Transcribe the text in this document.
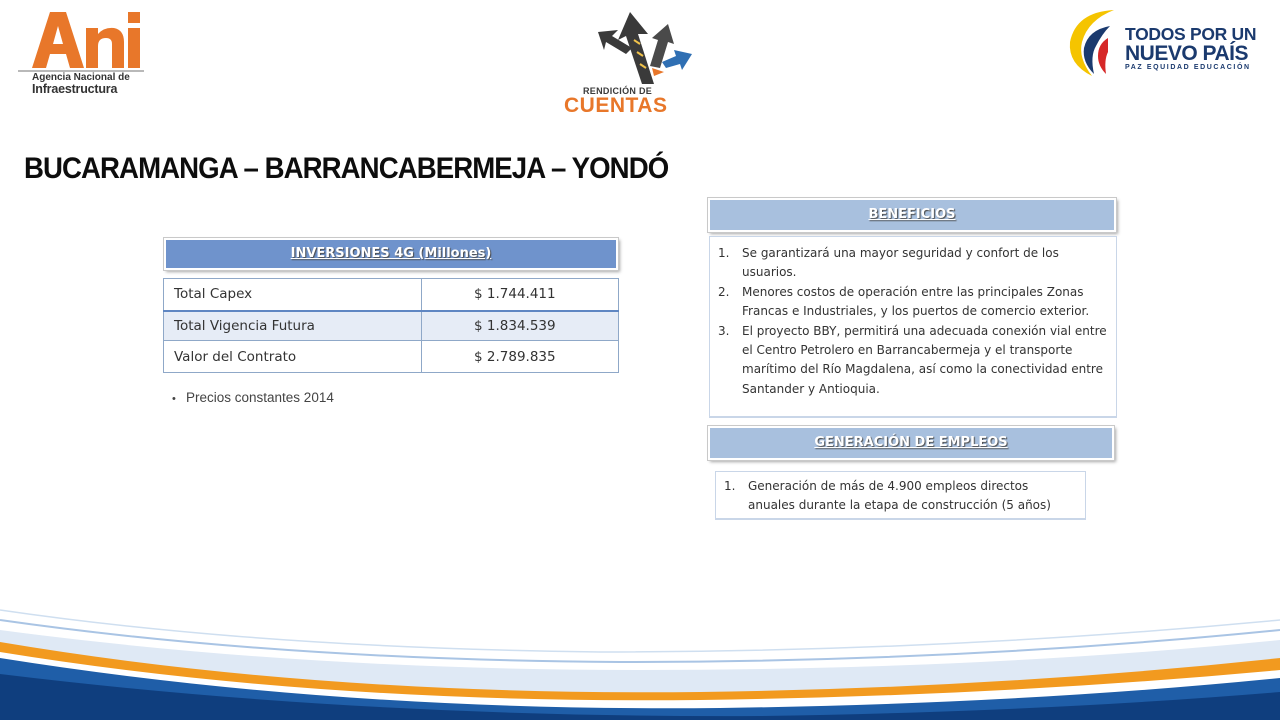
Agencia Nacional de
Infraestructura	RENDICIÓN DE
CUENTAS
TODOS POR UN
NUEVO PAÍS
PAZ EQUIDAD EDUCACIÓN
BUCARAMANGA – BARRANCABERMEJA – YONDÓ
INVERSIONES 4G (Millones)
Total Capex	$ 1.744.411
Total Vigencia Futura	$ 1.834.539
Valor del Contrato	$ 2.789.835
• Precios constantes 2014
BENEFICIOS
1.	Se garantizará una mayor seguridad y confort de los usuarios.
2.	Menores costos de operación entre las principales Zonas Francas e Industriales, y los puertos de comercio exterior.
3.	El proyecto BBY, permitirá una adecuada conexión vial entre el Centro Petrolero en Barrancabermeja y el transporte marítimo del Río Magdalena, así como la conectividad entre Santander y Antioquia.
GENERACIÓN DE EMPLEOS
1.	Generación de más de 4.900 empleos directos anuales durante la etapa de construcción (5 años)
